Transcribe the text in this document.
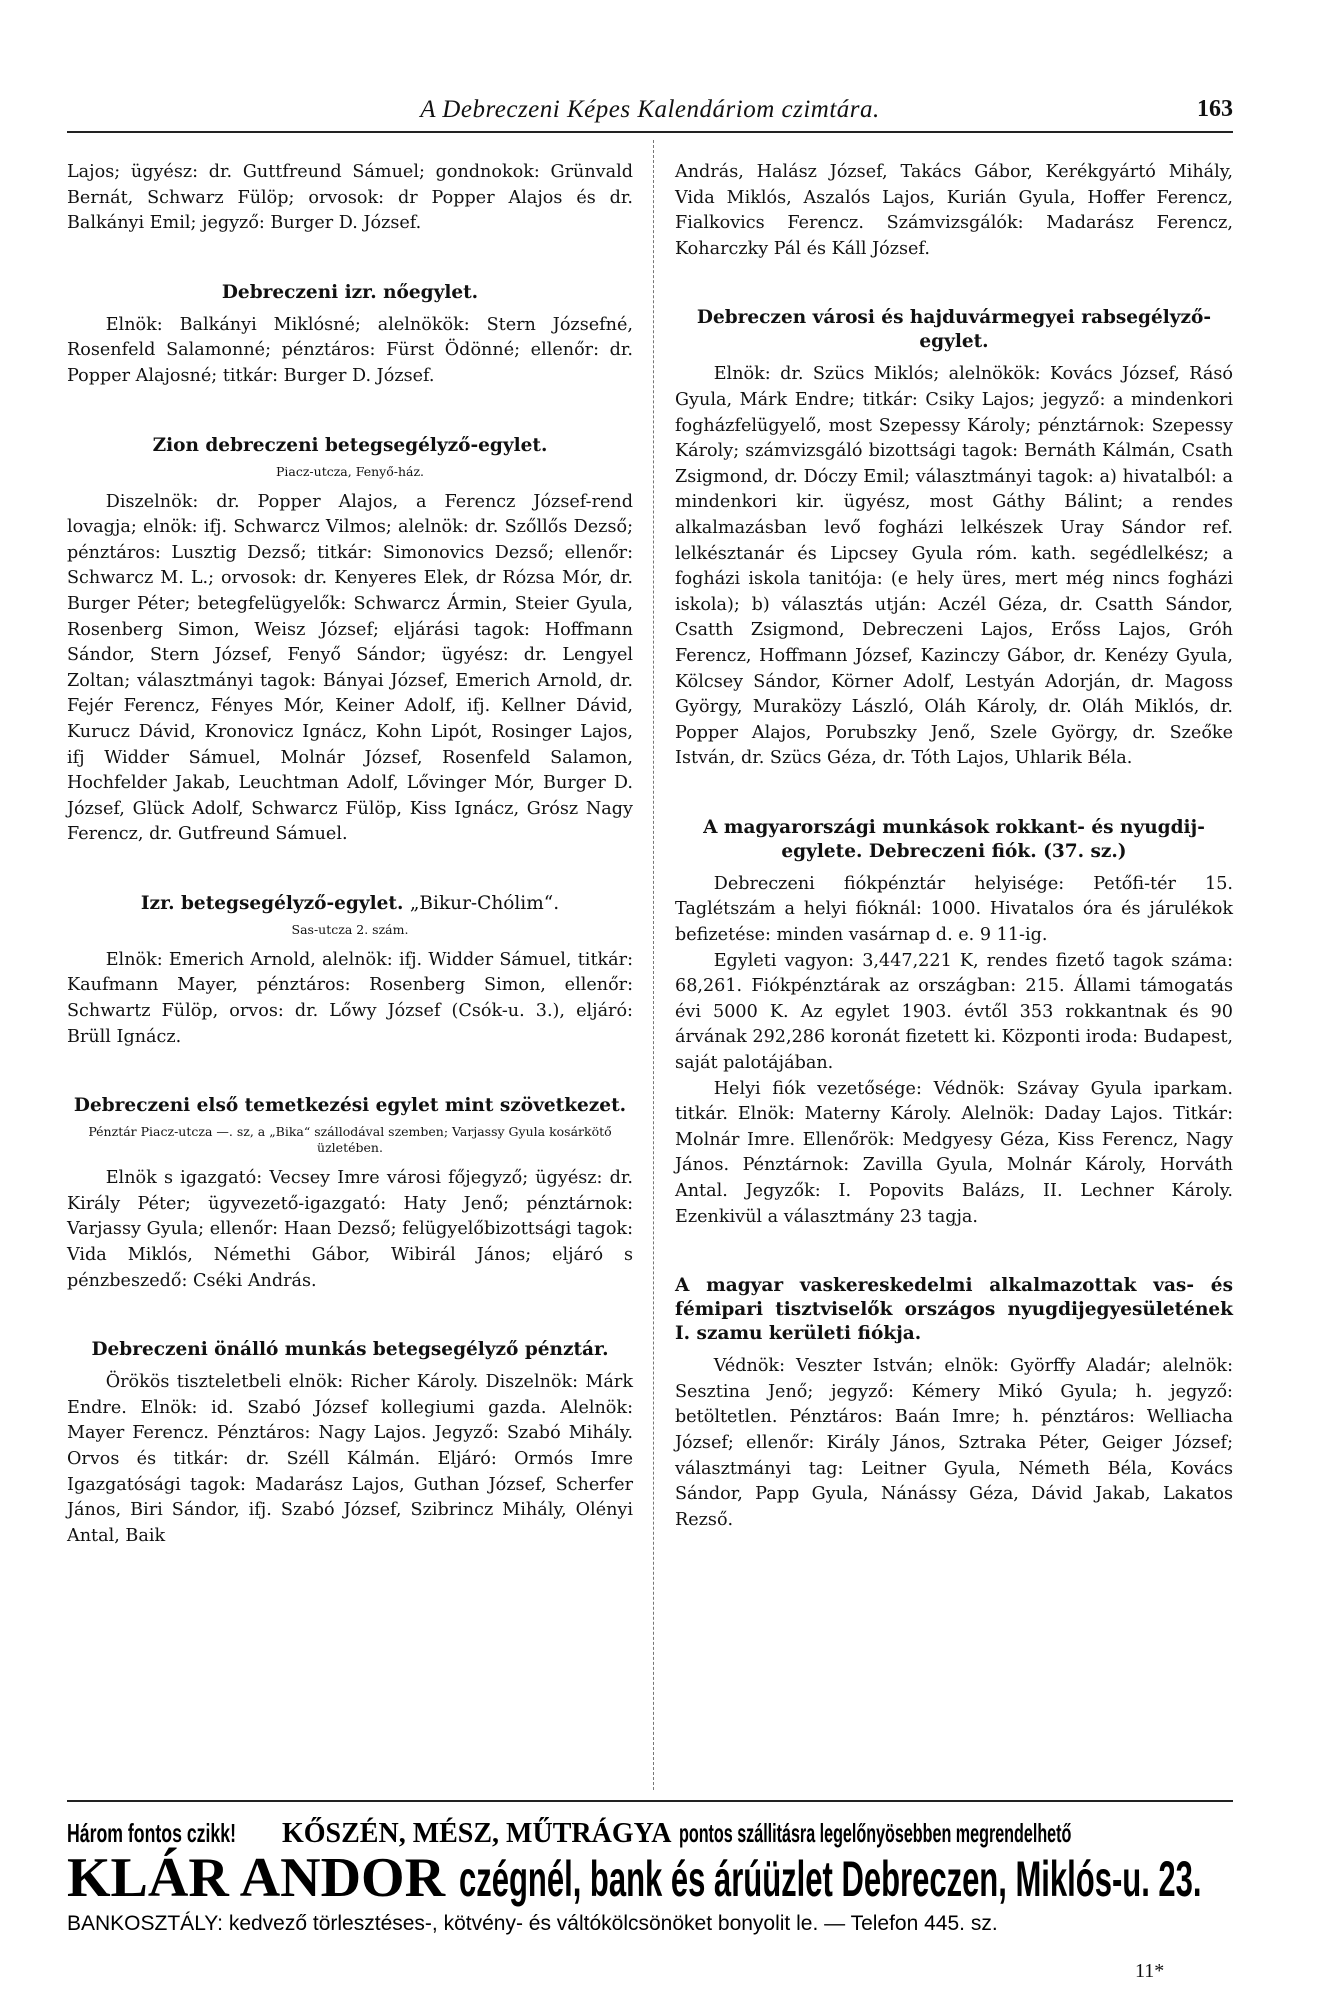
A Debreczeni Képes Kalendáriom czimtára.	163

Lajos; ügyész: dr. Guttfreund Sámuel; gondnokok: Grünvald Bernát, Schwarz Fülöp; orvosok: dr Popper Alajos és dr. Balkányi Emil; jegyző: Burger D. József.

Debreczeni izr. nőegylet.

Elnök: Balkányi Miklósné; alelnökök: Stern Józsefné, Rosenfeld Salamonné; pénztáros: Fürst Ödönné; ellenőr: dr. Popper Alajosné; titkár: Burger D. József.

Zion debreczeni betegsegélyző-egylet.
Piacz-utcza, Fenyő-ház.

Diszelnök: dr. Popper Alajos, a Ferencz József-rend lovagja; elnök: ifj. Schwarcz Vilmos; alelnök: dr. Szőllős Dezső; pénztáros: Lusztig Dezső; titkár: Simonovics Dezső; ellenőr: Schwarcz M. L.; orvosok: dr. Kenyeres Elek, dr Rózsa Mór, dr. Burger Péter; betegfelügyelők: Schwarcz Ármin, Steier Gyula, Rosenberg Simon, Weisz József; eljárási tagok: Hoffmann Sándor, Stern József, Fenyő Sándor; ügyész: dr. Lengyel Zoltan; választmányi tagok: Bányai József, Emerich Arnold, dr. Fejér Ferencz, Fényes Mór, Keiner Adolf, ifj. Kellner Dávid, Kurucz Dávid, Kronovicz Ignácz, Kohn Lipót, Rosinger Lajos, ifj Widder Sámuel, Molnár József, Rosenfeld Salamon, Hochfelder Jakab, Leuchtman Adolf, Lővinger Mór, Burger D. József, Glück Adolf, Schwarcz Fülöp, Kiss Ignácz, Grósz Nagy Ferencz, dr. Gutfreund Sámuel.

Izr. betegsegélyző-egylet. „Bikur-Chólim“.
Sas-utcza 2. szám.

Elnök: Emerich Arnold, alelnök: ifj. Widder Sámuel, titkár: Kaufmann Mayer, pénztáros: Rosenberg Simon, ellenőr: Schwartz Fülöp, orvos: dr. Lőwy József (Csók-u. 3.), eljáró: Brüll Ignácz.

Debreczeni első temetkezési egylet mint szövetkezet.
Pénztár Piacz-utcza —. sz, a „Bika“ szállodával szemben; Varjassy Gyula kosárkötő üzletében.

Elnök s igazgató: Vecsey Imre városi főjegyző; ügyész: dr. Király Péter; ügyvezető-igazgató: Haty Jenő; pénztárnok: Varjassy Gyula; ellenőr: Haan Dezső; felügyelőbizottsági tagok: Vida Miklós, Némethi Gábor, Wibirál János; eljáró s pénzbeszedő: Cséki András.

Debreczeni önálló munkás betegsegélyző pénztár.

Örökös tiszteletbeli elnök: Richer Károly. Diszelnök: Márk Endre. Elnök: id. Szabó József kollegiumi gazda. Alelnök: Mayer Ferencz. Pénztáros: Nagy Lajos. Jegyző: Szabó Mihály. Orvos és titkár: dr. Széll Kálmán. Eljáró: Ormós Imre Igazgatósági tagok: Madarász Lajos, Guthan József, Scherfer János, Biri Sándor, ifj. Szabó József, Szibrincz Mihály, Olényi Antal, Baik

András, Halász József, Takács Gábor, Kerékgyártó Mihály, Vida Miklós, Aszalós Lajos, Kurián Gyula, Hoffer Ferencz, Fialkovics Ferencz. Számvizsgálók: Madarász Ferencz, Koharczky Pál és Káll József.

Debreczen városi és hajduvármegyei rabsegélyző-egylet.

Elnök: dr. Szücs Miklós; alelnökök: Kovács József, Rásó Gyula, Márk Endre; titkár: Csiky Lajos; jegyző: a mindenkori fogházfelügyelő, most Szepessy Károly; pénztárnok: Szepessy Károly; számvizsgáló bizottsági tagok: Bernáth Kálmán, Csath Zsigmond, dr. Dóczy Emil; választmányi tagok: a) hivatalból: a mindenkori kir. ügyész, most Gáthy Bálint; a rendes alkalmazásban levő fogházi lelkészek Uray Sándor ref. lelkésztanár és Lipcsey Gyula róm. kath. segédlelkész; a fogházi iskola tanitója: (e hely üres, mert még nincs fogházi iskola); b) választás utján: Aczél Géza, dr. Csatth Sándor, Csatth Zsigmond, Debreczeni Lajos, Erőss Lajos, Gróh Ferencz, Hoffmann József, Kazinczy Gábor, dr. Kenézy Gyula, Kölcsey Sándor, Körner Adolf, Lestyán Adorján, dr. Magoss György, Muraközy László, Oláh Károly, dr. Oláh Miklós, dr. Popper Alajos, Porubszky Jenő, Szele György, dr. Szeőke István, dr. Szücs Géza, dr. Tóth Lajos, Uhlarik Béla.

A magyarországi munkások rokkant- és nyugdij-egylete. Debreczeni fiók. (37. sz.)

Debreczeni fiókpénztár helyisége: Petőfi-tér 15. Taglétszám a helyi fióknál: 1000. Hivatalos óra és járulékok befizetése: minden vasárnap d. e. 9 11-ig.

Egyleti vagyon: 3,447,221 K, rendes fizető tagok száma: 68,261. Fiókpénztárak az országban: 215. Állami támogatás évi 5000 K. Az egylet 1903. évtől 353 rokkantnak és 90 árvának 292,286 koronát fizetett ki. Központi iroda: Budapest, saját palotájában.

Helyi fiók vezetősége: Védnök: Szávay Gyula iparkam. titkár. Elnök: Materny Károly. Alelnök: Daday Lajos. Titkár: Molnár Imre. Ellenőrök: Medgyesy Géza, Kiss Ferencz, Nagy János. Pénztárnok: Zavilla Gyula, Molnár Károly, Horváth Antal. Jegyzők: I. Popovits Balázs, II. Lechner Károly. Ezenkivül a választmány 23 tagja.

A magyar vaskereskedelmi alkalmazottak vas- és fémipari tisztviselők országos nyugdijegyesületének I. szamu kerületi fiókja.

Védnök: Veszter István; elnök: Györffy Aladár; alelnök: Sesztina Jenő; jegyző: Kémery Mikó Gyula; h. jegyző: betöltetlen. Pénztáros: Baán Imre; h. pénztáros: Welliacha József; ellenőr: Király János, Sztraka Péter, Geiger József; választmányi tag: Leitner Gyula, Németh Béla, Kovács Sándor, Papp Gyula, Nánássy Géza, Dávid Jakab, Lakatos Rezső.

Három fontos czikk! KŐSZÉN, MÉSZ, MŰTRÁGYA pontos szállitásra legelőnyösebben megrendelhető
KLÁR ANDOR czégnél, bank és árúüzlet Debreczen, Miklós-u. 23.
BANKOSZTÁLY: kedvező törlesztéses-, kötvény- és váltókölcsönöket bonyolit le. — Telefon 445. sz.
11*
